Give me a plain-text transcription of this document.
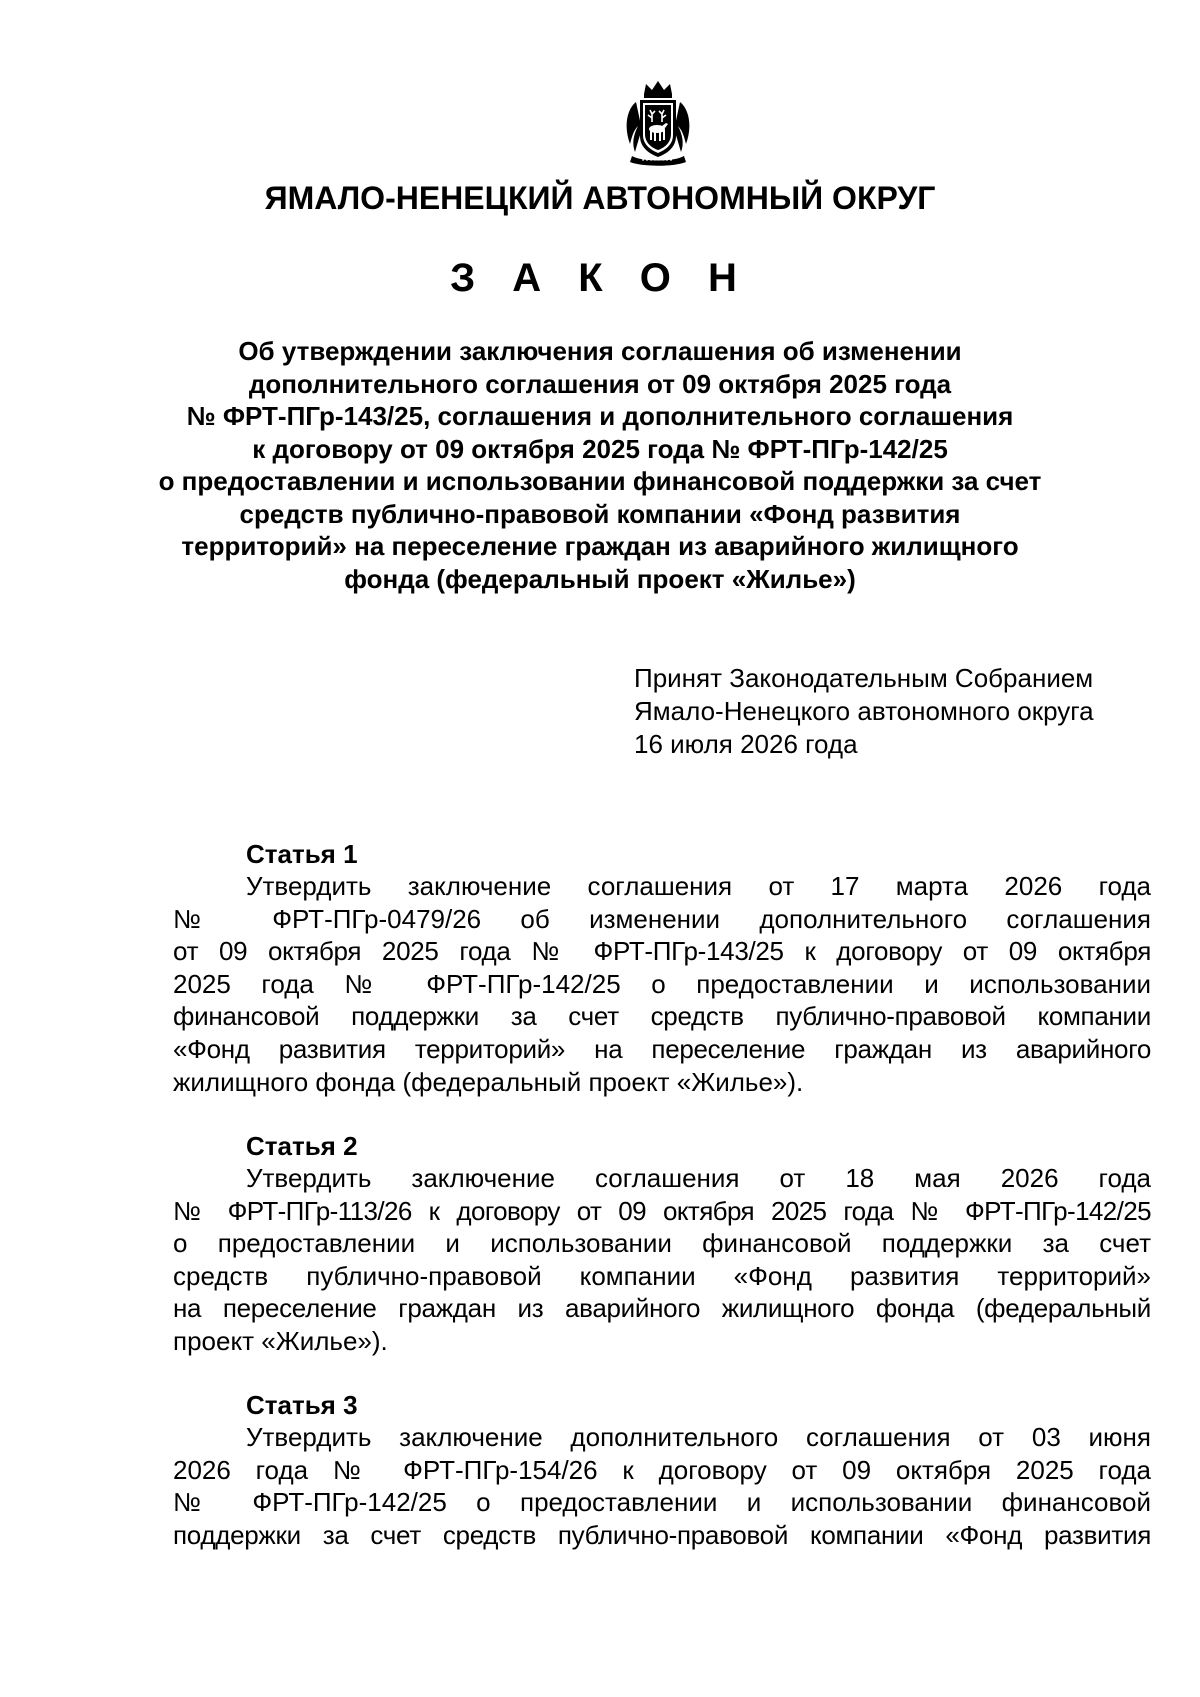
ЯМАЛО-НЕНЕЦКИЙ АВТОНОМНЫЙ ОКРУГ
З А К О Н
Об утверждении заключения соглашения об изменении
дополнительного соглашения от 09 октября 2025 года
№ ФРТ-ПГр-143/25, соглашения и дополнительного соглашения
к договору от 09 октября 2025 года № ФРТ-ПГр-142/25
о предоставлении и использовании финансовой поддержки за счет
средств публично-правовой компании «Фонд развития
территорий» на переселение граждан из аварийного жилищного
фонда (федеральный проект «Жилье»)
Принят Законодательным Собранием
Ямало-Ненецкого автономного округа
16 июля 2026 года
Статья 1
Утвердить заключение соглашения от 17 марта 2026 года
№ ФРТ-ПГр-0479/26 об изменении дополнительного соглашения
от 09 октября 2025 года № ФРТ-ПГр-143/25 к договору от 09 октября
2025 года № ФРТ-ПГр-142/25 о предоставлении и использовании
финансовой поддержки за счет средств публично-правовой компании
«Фонд развития территорий» на переселение граждан из аварийного
жилищного фонда (федеральный проект «Жилье»).
Статья 2
Утвердить заключение соглашения от 18 мая 2026 года
№ ФРТ-ПГр-113/26 к договору от 09 октября 2025 года № ФРТ-ПГр-142/25
о предоставлении и использовании финансовой поддержки за счет
средств публично-правовой компании «Фонд развития территорий»
на переселение граждан из аварийного жилищного фонда (федеральный
проект «Жилье»).
Статья 3
Утвердить заключение дополнительного соглашения от 03 июня
2026 года № ФРТ-ПГр-154/26 к договору от 09 октября 2025 года
№ ФРТ-ПГр-142/25 о предоставлении и использовании финансовой
поддержки за счет средств публично-правовой компании «Фонд развития
